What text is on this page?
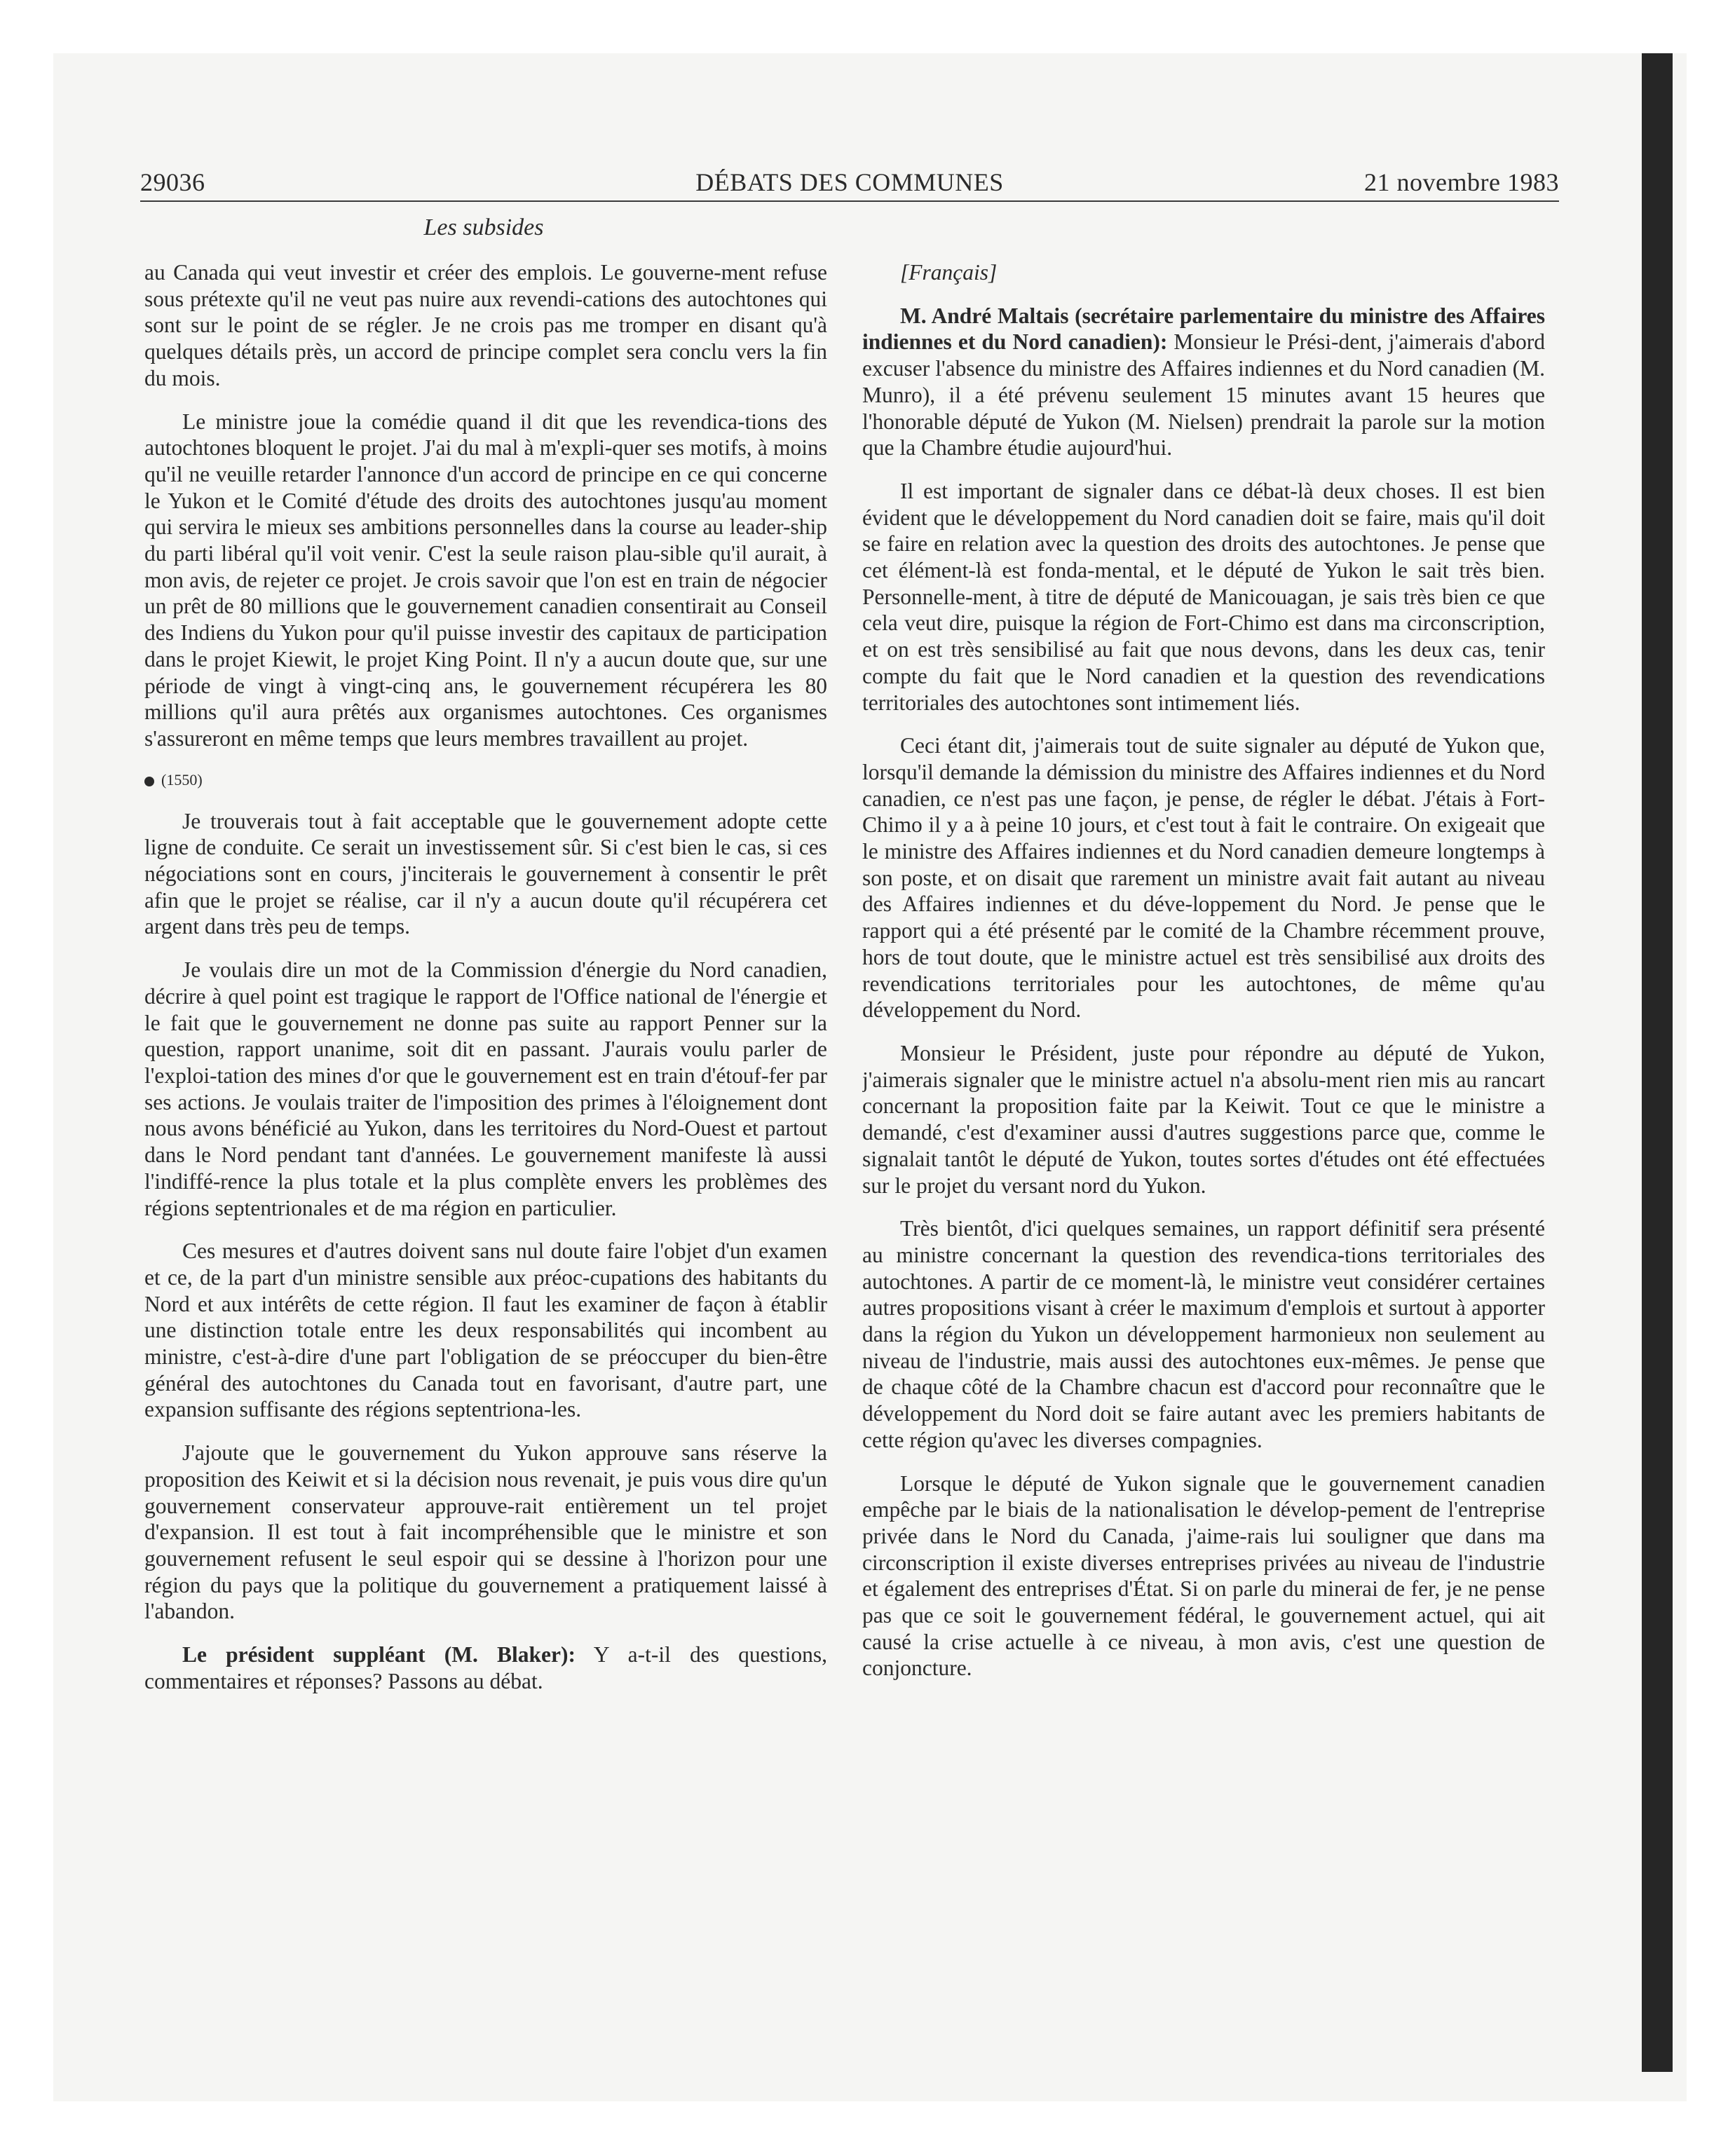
29036	DÉBATS DES COMMUNES	21 novembre 1983
Les subsides

au Canada qui veut investir et créer des emplois. Le gouverne-ment refuse sous prétexte qu'il ne veut pas nuire aux revendi-cations des autochtones qui sont sur le point de se régler. Je ne crois pas me tromper en disant qu'à quelques détails près, un accord de principe complet sera conclu vers la fin du mois.

Le ministre joue la comédie quand il dit que les revendica-tions des autochtones bloquent le projet. J'ai du mal à m'expli-quer ses motifs, à moins qu'il ne veuille retarder l'annonce d'un accord de principe en ce qui concerne le Yukon et le Comité d'étude des droits des autochtones jusqu'au moment qui servira le mieux ses ambitions personnelles dans la course au leader-ship du parti libéral qu'il voit venir. C'est la seule raison plau-sible qu'il aurait, à mon avis, de rejeter ce projet. Je crois savoir que l'on est en train de négocier un prêt de 80 millions que le gouvernement canadien consentirait au Conseil des Indiens du Yukon pour qu'il puisse investir des capitaux de participation dans le projet Kiewit, le projet King Point. Il n'y a aucun doute que, sur une période de vingt à vingt-cinq ans, le gouvernement récupérera les 80 millions qu'il aura prêtés aux organismes autochtones. Ces organismes s'assureront en même temps que leurs membres travaillent au projet.

(1550)

Je trouverais tout à fait acceptable que le gouvernement adopte cette ligne de conduite. Ce serait un investissement sûr. Si c'est bien le cas, si ces négociations sont en cours, j'inciterais le gouvernement à consentir le prêt afin que le projet se réalise, car il n'y a aucun doute qu'il récupérera cet argent dans très peu de temps.

Je voulais dire un mot de la Commission d'énergie du Nord canadien, décrire à quel point est tragique le rapport de l'Office national de l'énergie et le fait que le gouvernement ne donne pas suite au rapport Penner sur la question, rapport unanime, soit dit en passant. J'aurais voulu parler de l'exploi-tation des mines d'or que le gouvernement est en train d'étouf-fer par ses actions. Je voulais traiter de l'imposition des primes à l'éloignement dont nous avons bénéficié au Yukon, dans les territoires du Nord-Ouest et partout dans le Nord pendant tant d'années. Le gouvernement manifeste là aussi l'indiffé-rence la plus totale et la plus complète envers les problèmes des régions septentrionales et de ma région en particulier.

Ces mesures et d'autres doivent sans nul doute faire l'objet d'un examen et ce, de la part d'un ministre sensible aux préoc-cupations des habitants du Nord et aux intérêts de cette région. Il faut les examiner de façon à établir une distinction totale entre les deux responsabilités qui incombent au ministre, c'est-à-dire d'une part l'obligation de se préoccuper du bien-être général des autochtones du Canada tout en favorisant, d'autre part, une expansion suffisante des régions septentriona-les.

J'ajoute que le gouvernement du Yukon approuve sans réserve la proposition des Keiwit et si la décision nous revenait, je puis vous dire qu'un gouvernement conservateur approuve-rait entièrement un tel projet d'expansion. Il est tout à fait incompréhensible que le ministre et son gouvernement refusent le seul espoir qui se dessine à l'horizon pour une région du pays que la politique du gouvernement a pratiquement laissé à l'abandon.

Le président suppléant (M. Blaker): Y a-t-il des questions, commentaires et réponses? Passons au débat.

[Français]

M. André Maltais (secrétaire parlementaire du ministre des Affaires indiennes et du Nord canadien): Monsieur le Prési-dent, j'aimerais d'abord excuser l'absence du ministre des Affaires indiennes et du Nord canadien (M. Munro), il a été prévenu seulement 15 minutes avant 15 heures que l'honorable député de Yukon (M. Nielsen) prendrait la parole sur la motion que la Chambre étudie aujourd'hui.

Il est important de signaler dans ce débat-là deux choses. Il est bien évident que le développement du Nord canadien doit se faire, mais qu'il doit se faire en relation avec la question des droits des autochtones. Je pense que cet élément-là est fonda-mental, et le député de Yukon le sait très bien. Personnelle-ment, à titre de député de Manicouagan, je sais très bien ce que cela veut dire, puisque la région de Fort-Chimo est dans ma circonscription, et on est très sensibilisé au fait que nous devons, dans les deux cas, tenir compte du fait que le Nord canadien et la question des revendications territoriales des autochtones sont intimement liés.

Ceci étant dit, j'aimerais tout de suite signaler au député de Yukon que, lorsqu'il demande la démission du ministre des Affaires indiennes et du Nord canadien, ce n'est pas une façon, je pense, de régler le débat. J'étais à Fort-Chimo il y a à peine 10 jours, et c'est tout à fait le contraire. On exigeait que le ministre des Affaires indiennes et du Nord canadien demeure longtemps à son poste, et on disait que rarement un ministre avait fait autant au niveau des Affaires indiennes et du déve-loppement du Nord. Je pense que le rapport qui a été présenté par le comité de la Chambre récemment prouve, hors de tout doute, que le ministre actuel est très sensibilisé aux droits des revendications territoriales pour les autochtones, de même qu'au développement du Nord.

Monsieur le Président, juste pour répondre au député de Yukon, j'aimerais signaler que le ministre actuel n'a absolu-ment rien mis au rancart concernant la proposition faite par la Keiwit. Tout ce que le ministre a demandé, c'est d'examiner aussi d'autres suggestions parce que, comme le signalait tantôt le député de Yukon, toutes sortes d'études ont été effectuées sur le projet du versant nord du Yukon.

Très bientôt, d'ici quelques semaines, un rapport définitif sera présenté au ministre concernant la question des revendica-tions territoriales des autochtones. A partir de ce moment-là, le ministre veut considérer certaines autres propositions visant à créer le maximum d'emplois et surtout à apporter dans la région du Yukon un développement harmonieux non seulement au niveau de l'industrie, mais aussi des autochtones eux-mêmes. Je pense que de chaque côté de la Chambre chacun est d'accord pour reconnaître que le développement du Nord doit se faire autant avec les premiers habitants de cette région qu'avec les diverses compagnies.

Lorsque le député de Yukon signale que le gouvernement canadien empêche par le biais de la nationalisation le dévelop-pement de l'entreprise privée dans le Nord du Canada, j'aime-rais lui souligner que dans ma circonscription il existe diverses entreprises privées au niveau de l'industrie et également des entreprises d'État. Si on parle du minerai de fer, je ne pense pas que ce soit le gouvernement fédéral, le gouvernement actuel, qui ait causé la crise actuelle à ce niveau, à mon avis, c'est une question de conjoncture.
